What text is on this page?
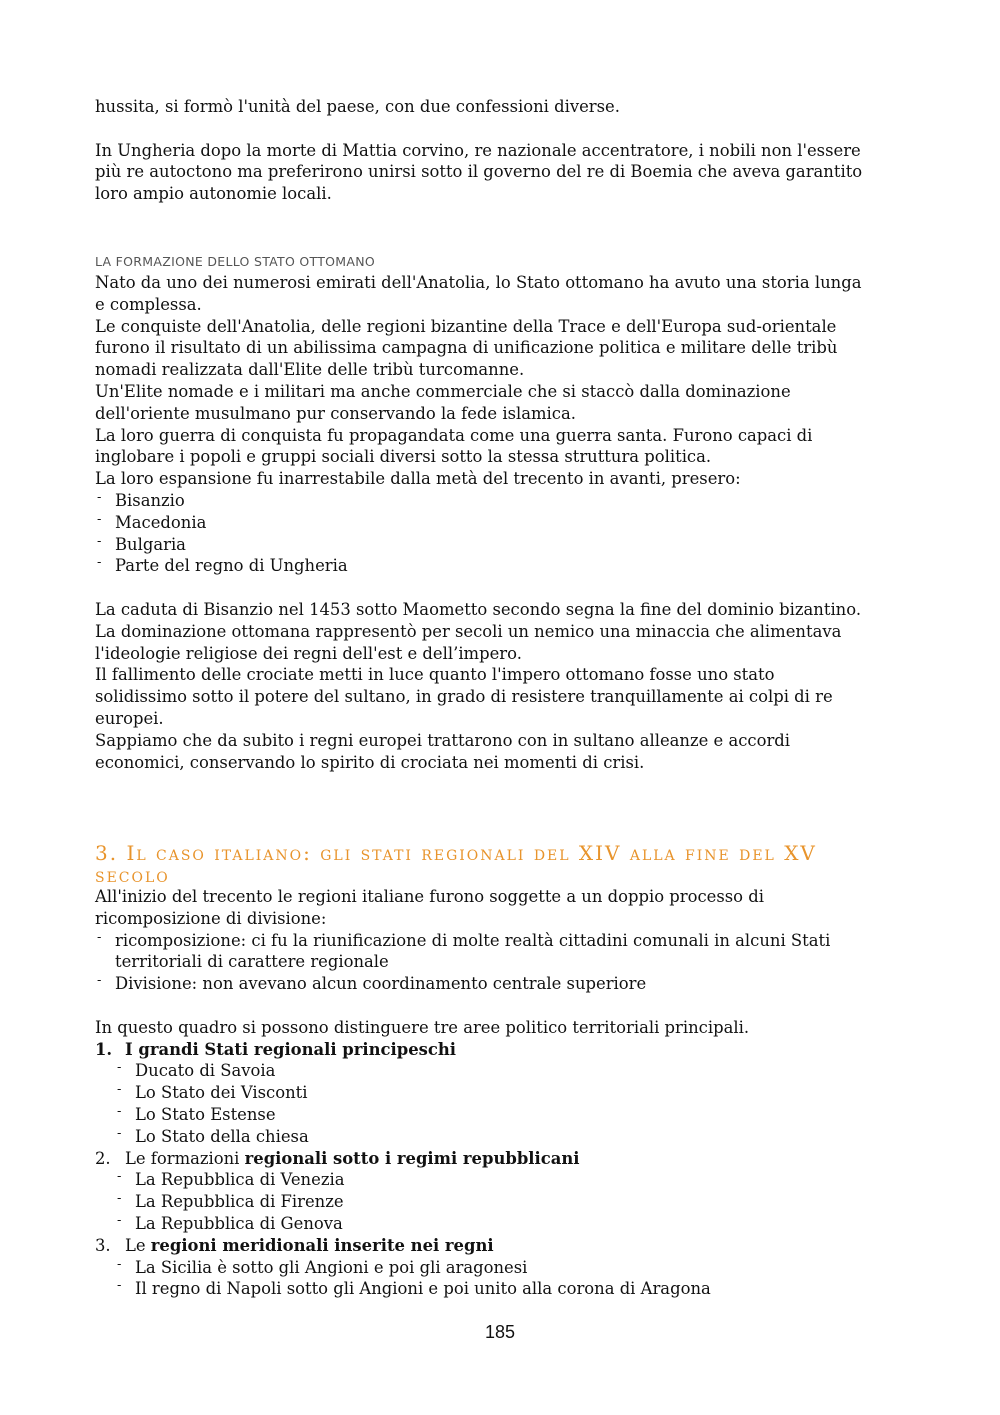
hussita, si formò l'unità del paese, con due confessioni diverse.

In Ungheria dopo la morte di Mattia corvino, re nazionale accentratore, i nobili non l'essere

più re autoctono ma preferirono unirsi sotto il governo del re di Boemia che aveva garantito

loro ampio autonomie locali.

LA FORMAZIONE DELLO STATO OTTOMANO

Nato da uno dei numerosi emirati dell'Anatolia, lo Stato ottomano ha avuto una storia lunga

e complessa.

Le conquiste dell'Anatolia, delle regioni bizantine della Trace e dell'Europa sud-orientale

furono il risultato di un abilissima campagna di unificazione politica e militare delle tribù

nomadi realizzata dall'Elite delle tribù turcomanne.

Un'Elite nomade e i militari ma anche commerciale che si staccò dalla dominazione

dell'oriente musulmano pur conservando la fede islamica.

La loro guerra di conquista fu propagandata come una guerra santa. Furono capaci di

inglobare i popoli e gruppi sociali diversi sotto la stessa struttura politica.

La loro espansione fu inarrestabile dalla metà del trecento in avanti, presero:

- Bisanzio
- Macedonia
- Bulgaria
- Parte del regno di Ungheria

La caduta di Bisanzio nel 1453 sotto Maometto secondo segna la fine del dominio bizantino.

La dominazione ottomana rappresentò per secoli un nemico una minaccia che alimentava

l'ideologie religiose dei regni dell'est e dell’impero.

Il fallimento delle crociate metti in luce quanto l'impero ottomano fosse uno stato

solidissimo sotto il potere del sultano, in grado di resistere tranquillamente ai colpi di re

europei.

Sappiamo che da subito i regni europei trattarono con in sultano alleanze e accordi

economici, conservando lo spirito di crociata nei momenti di crisi.

3. Il caso italiano: gli stati regionali del XIV alla fine del XV

secolo

All'inizio del trecento le regioni italiane furono soggette a un doppio processo di

ricomposizione di divisione:

- ricomposizione: ci fu la riunificazione di molte realtà cittadini comunali in alcuni Stati territoriali di carattere regionale
- Divisione: non avevano alcun coordinamento centrale superiore

In questo quadro si possono distinguere tre aree politico territoriali principali.

1. I grandi Stati regionali principeschi
- Ducato di Savoia
- Lo Stato dei Visconti
- Lo Stato Estense
- Lo Stato della chiesa
2. Le formazioni regionali sotto i regimi repubblicani
- La Repubblica di Venezia
- La Repubblica di Firenze
- La Repubblica di Genova
3. Le regioni meridionali inserite nei regni
- La Sicilia è sotto gli Angioni e poi gli aragonesi
- Il regno di Napoli sotto gli Angioni e poi unito alla corona di Aragona
185
